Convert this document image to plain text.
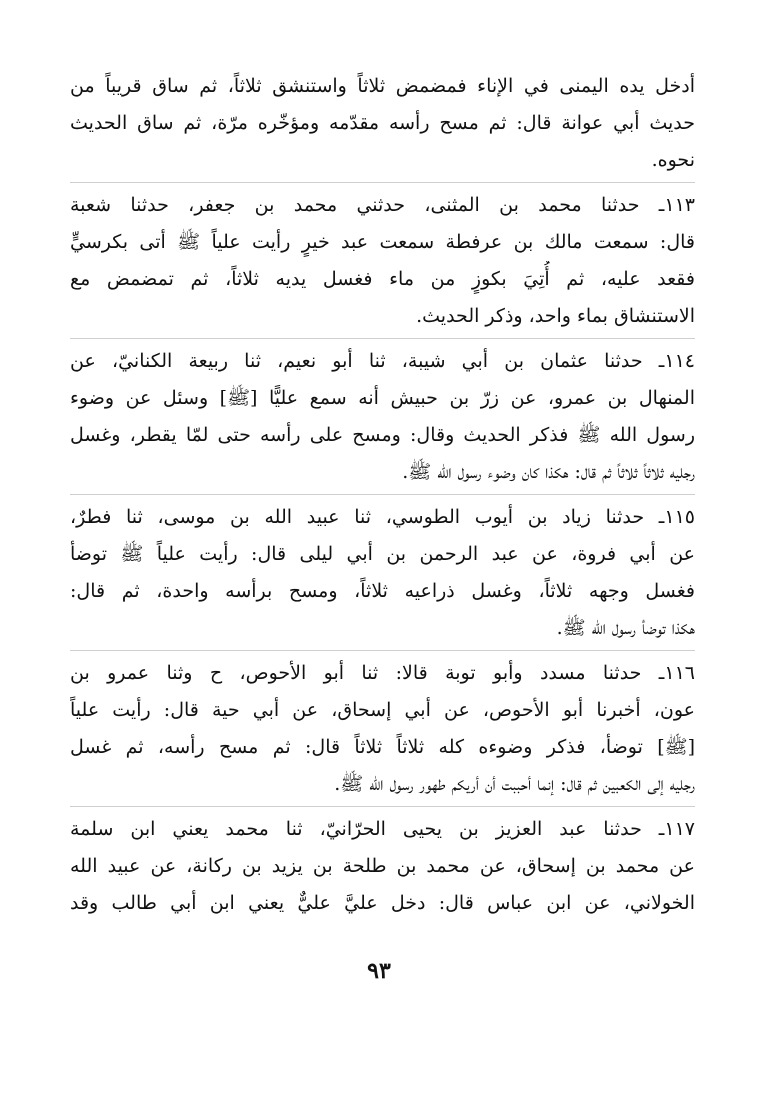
أدخل يده اليمنى في الإناء فمضمض ثلاثاً واستنشق ثلاثاً، ثم ساق قريباً من
حديث أبي عوانة قال: ثم مسح رأسه مقدّمه ومؤخّره مرّة، ثم ساق الحديث
نحوه.
١١٣ـ حدثنا محمد بن المثنى، حدثني محمد بن جعفر، حدثنا شعبة
قال: سمعت مالك بن عرفطة سمعت عبد خيرٍ رأيت علياً ﷺ أتى بكرسيٍّ
فقعد عليه، ثم أُتِيَ بكوزٍ من ماء فغسل يديه ثلاثاً، ثم تمضمض مع
الاستنشاق بماء واحد، وذكر الحديث.
١١٤ـ حدثنا عثمان بن أبي شيبة، ثنا أبو نعيم، ثنا ربيعة الكنانيّ، عن
المنهال بن عمرو، عن زرّ بن حبيش أنه سمع عليًّا [ﷺ] وسئل عن وضوء
رسول الله ﷺ فذكر الحديث وقال: ومسح على رأسه حتى لمّا يقطر، وغسل
رجليه ثلاثاً ثلاثاً ثم قال: هكذا كان وضوء رسول الله ﷺ.
١١٥ـ حدثنا زياد بن أيوب الطوسي، ثنا عبيد الله بن موسى، ثنا فطرٌ،
عن أبي فروة، عن عبد الرحمن بن أبي ليلى قال: رأيت علياً ﷺ توضأ
فغسل وجهه ثلاثاً، وغسل ذراعيه ثلاثاً، ومسح برأسه واحدة، ثم قال:
هكذا توضأ رسول الله ﷺ.
١١٦ـ حدثنا مسدد وأبو توبة قالا: ثنا أبو الأحوص، ح وثنا عمرو بن
عون، أخبرنا أبو الأحوص، عن أبي إسحاق، عن أبي حية قال: رأيت علياً
[ﷺ] توضأ، فذكر وضوءه كله ثلاثاً ثلاثاً قال: ثم مسح رأسه، ثم غسل
رجليه إلى الكعبين ثم قال: إنما أحببت أن أريكم طهور رسول الله ﷺ.
١١٧ـ حدثنا عبد العزيز بن يحيى الحرّانيّ، ثنا محمد يعني ابن سلمة
عن محمد بن إسحاق، عن محمد بن طلحة بن يزيد بن ركانة، عن عبيد الله
الخولاني، عن ابن عباس قال: دخل عليَّ عليٌّ يعني ابن أبي طالب وقد
٩٣
